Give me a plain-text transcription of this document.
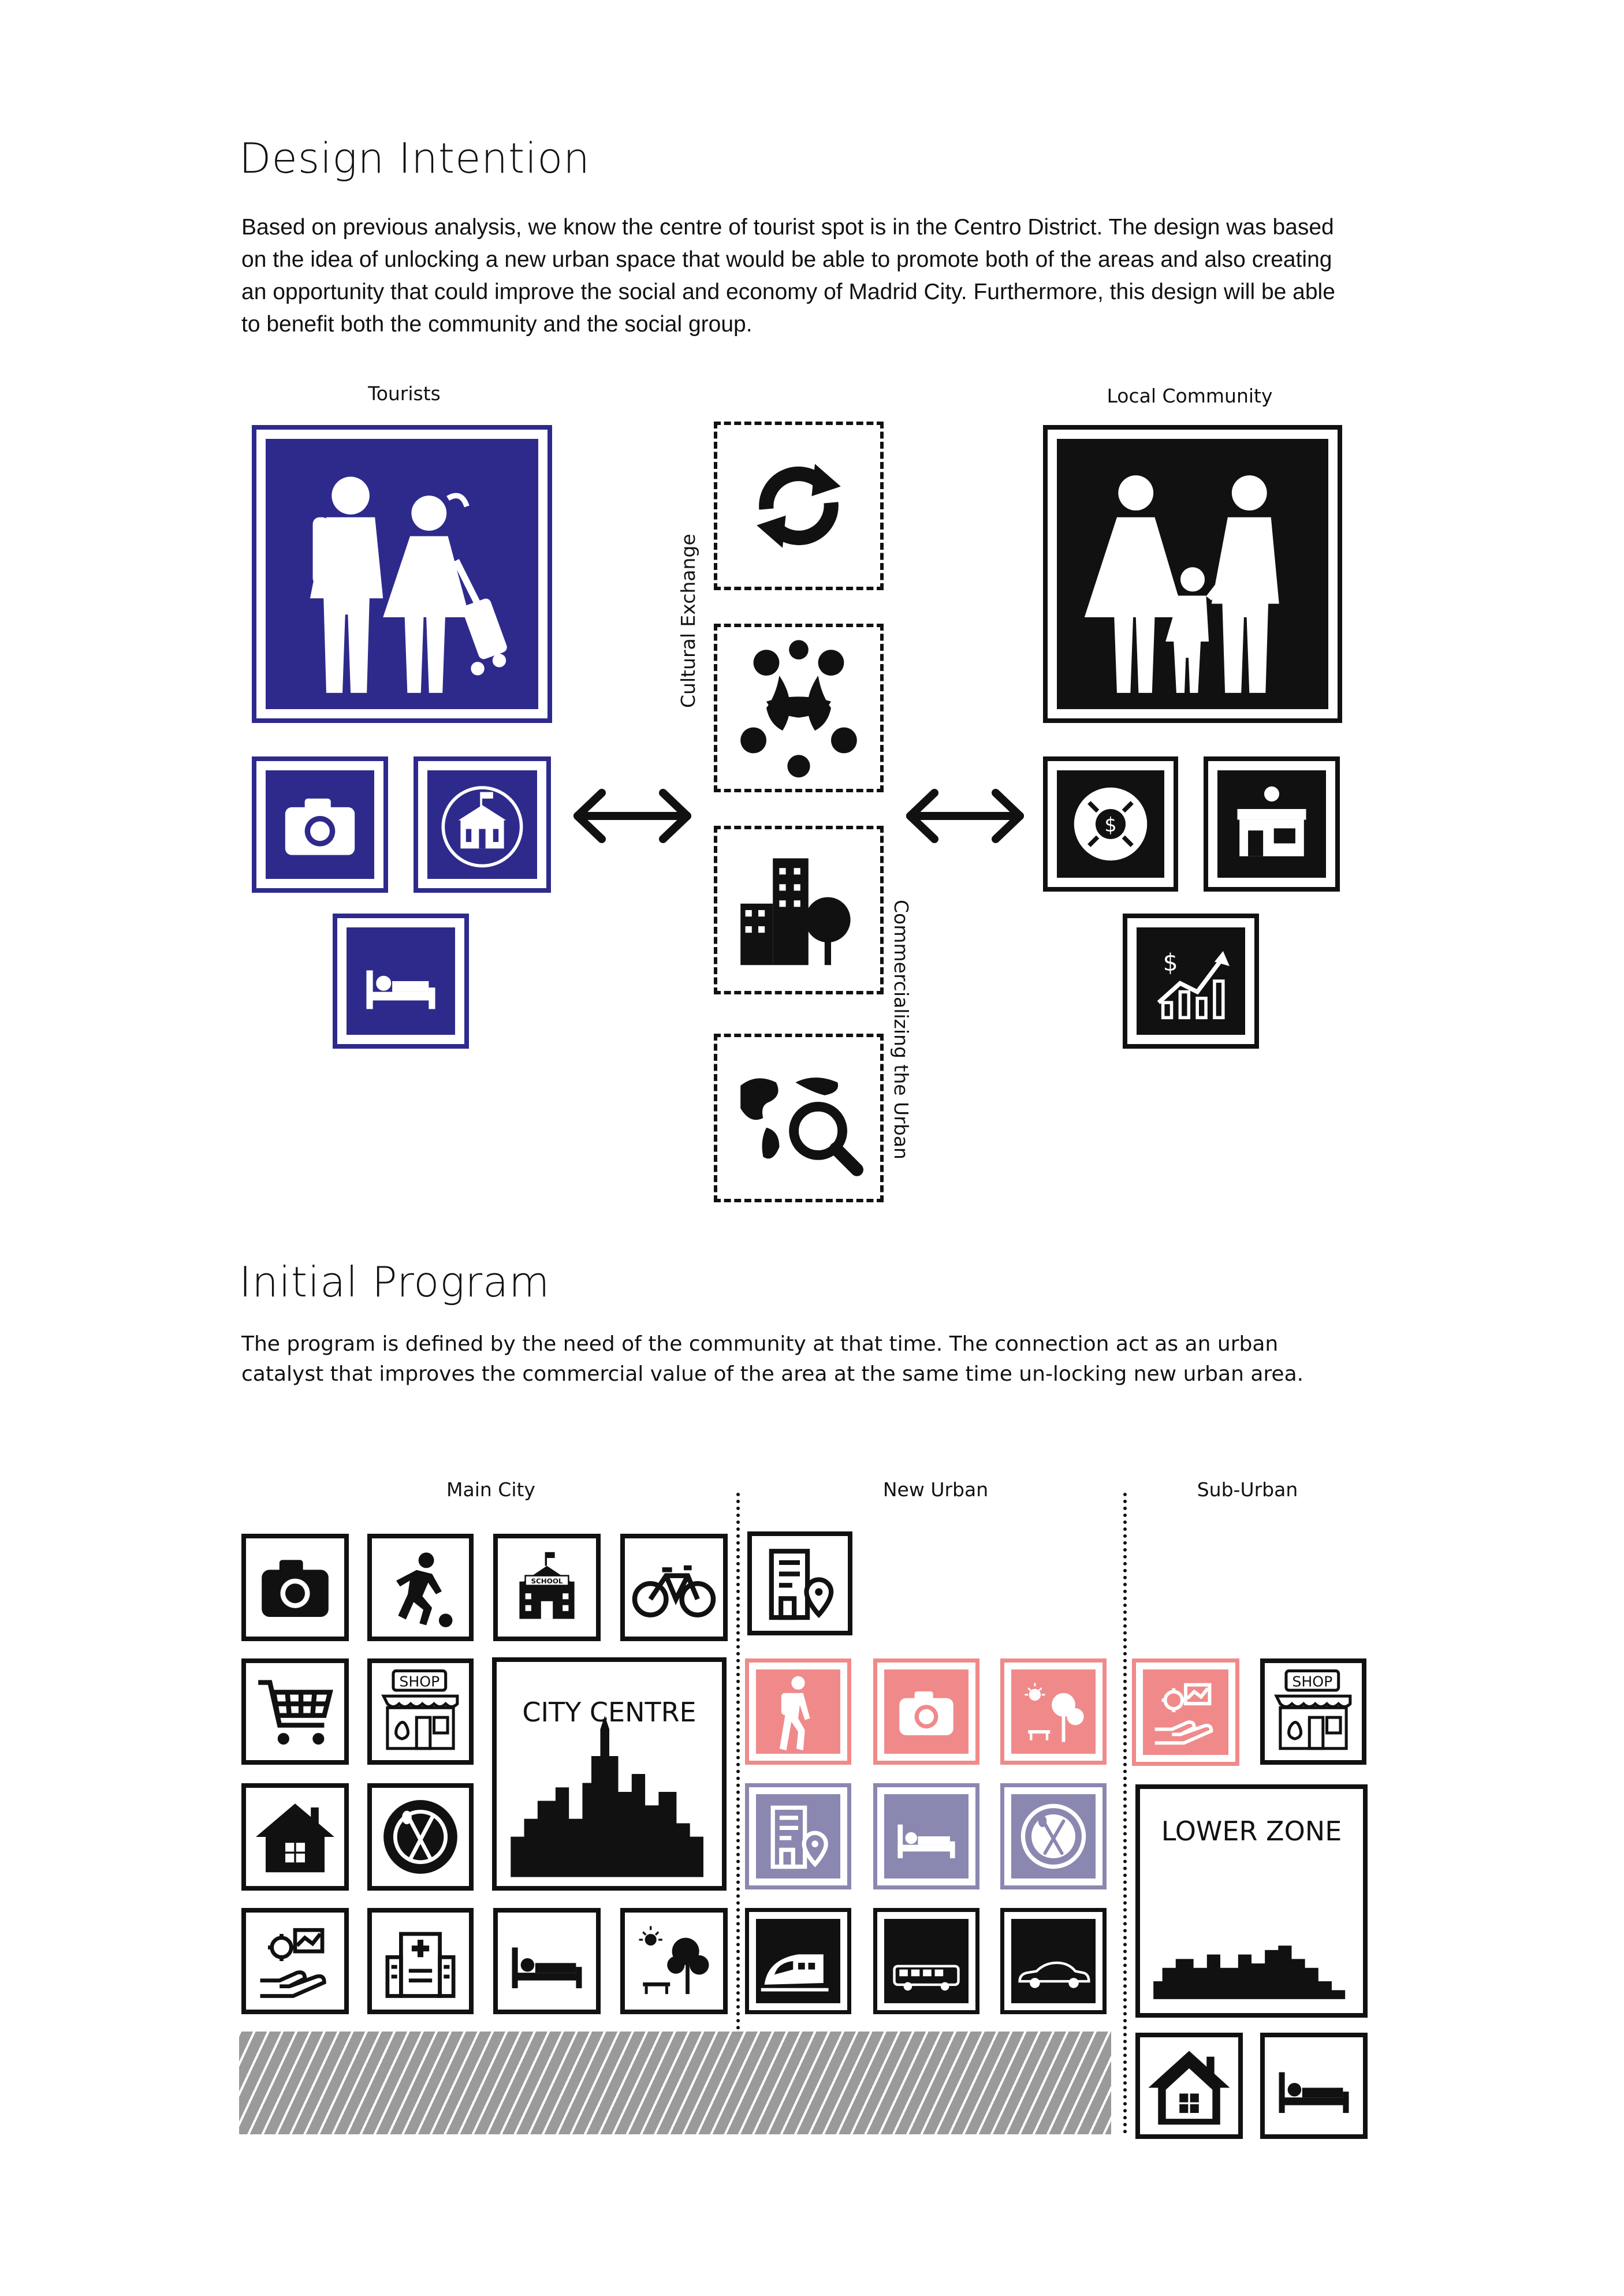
Design Intention
Based on previous analysis, we know the centre of tourist spot is in the Centro District. The design was based on the idea of unlocking a new urban space that would be able to promote both of the areas and also creating an opportunity that could improve the social and economy of Madrid City. Furthermore, this design will be able to benefit both the community and the social group.
Tourists	Local Community
Cultural Exchange
Commercializing the Urban
$
$
Initial Program
The program is defined by the need of the community at that time. The connection act as an urban catalyst that improves the commercial value of the area at the same time un-locking new urban area.
Main City	New Urban	Sub-Urban
SCHOOL
SHOP
CITY CENTRE
SHOP
LOWER ZONE
